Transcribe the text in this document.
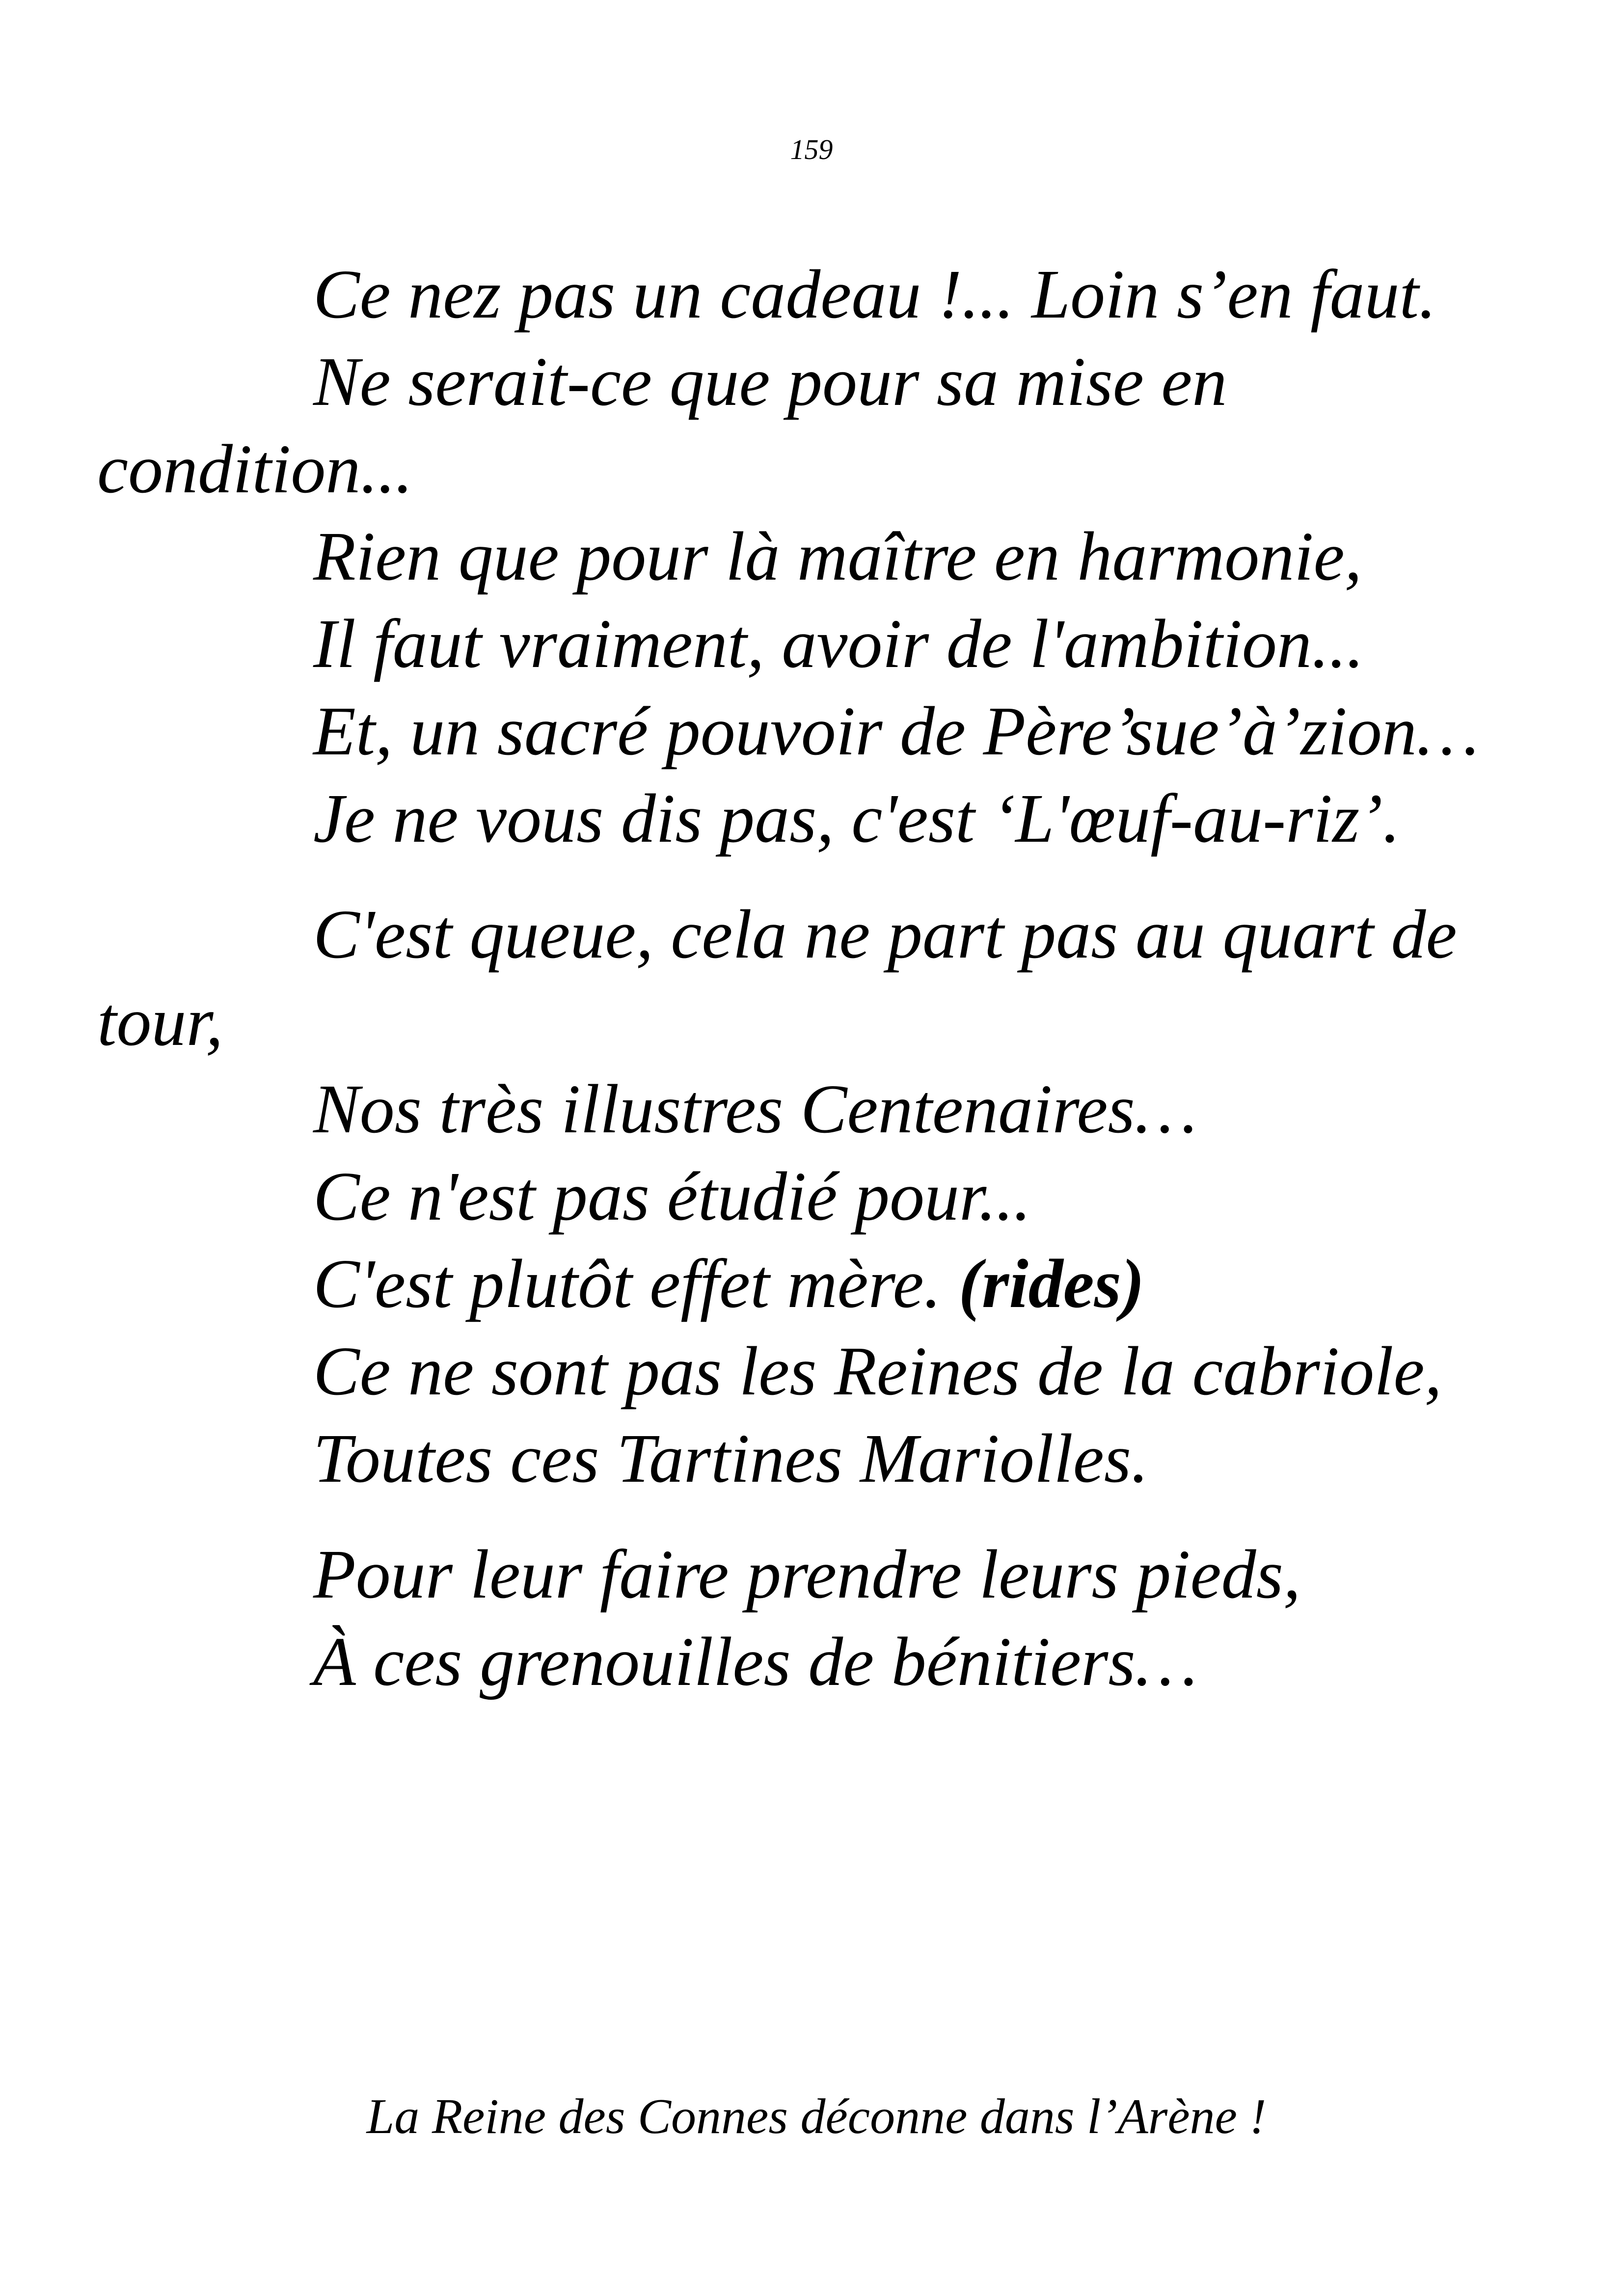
159
Ce nez pas un cadeau !... Loin s’en faut.
Ne serait-ce que pour sa mise en condition...
Rien que pour là maître en harmonie,
Il faut vraiment, avoir de l'ambition...
Et, un sacré pouvoir de Père’sue’à’zion…
Je ne vous dis pas, c'est ‘L'œuf-au-riz’.
C'est queue, cela ne part pas au quart de tour,
Nos très illustres Centenaires…
Ce n'est pas étudié pour...
C'est plutôt effet mère. (rides)
Ce ne sont pas les Reines de la cabriole,
Toutes ces Tartines Mariolles.
Pour leur faire prendre leurs pieds,
À ces grenouilles de bénitiers…
La Reine des Connes déconne dans l’Arène !
